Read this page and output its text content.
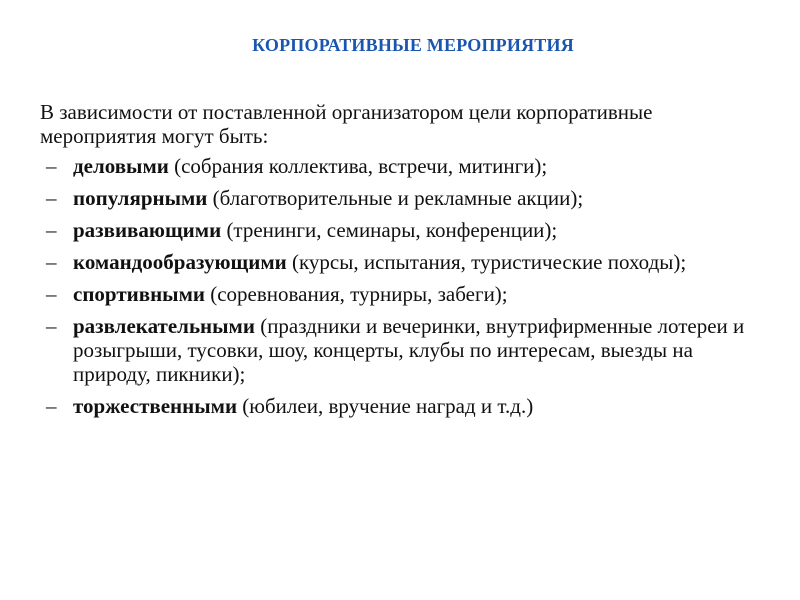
КОРПОРАТИВНЫЕ МЕРОПРИЯТИЯ

В зависимости от поставленной организатором цели корпоративные мероприятия могут быть:

– деловыми (собрания коллектива, встречи, митинги);
– популярными (благотворительные и рекламные акции);
– развивающими (тренинги, семинары, конференции);
– командообразующими (курсы, испытания, туристические походы);
– спортивными (соревнования, турниры, забеги);
– развлекательными (праздники и вечеринки, внутрифирменные лотереи и розыгрыши, тусовки, шоу, концерты, клубы по интересам, выезды на природу, пикники);
– торжественными (юбилеи, вручение наград и т.д.)
